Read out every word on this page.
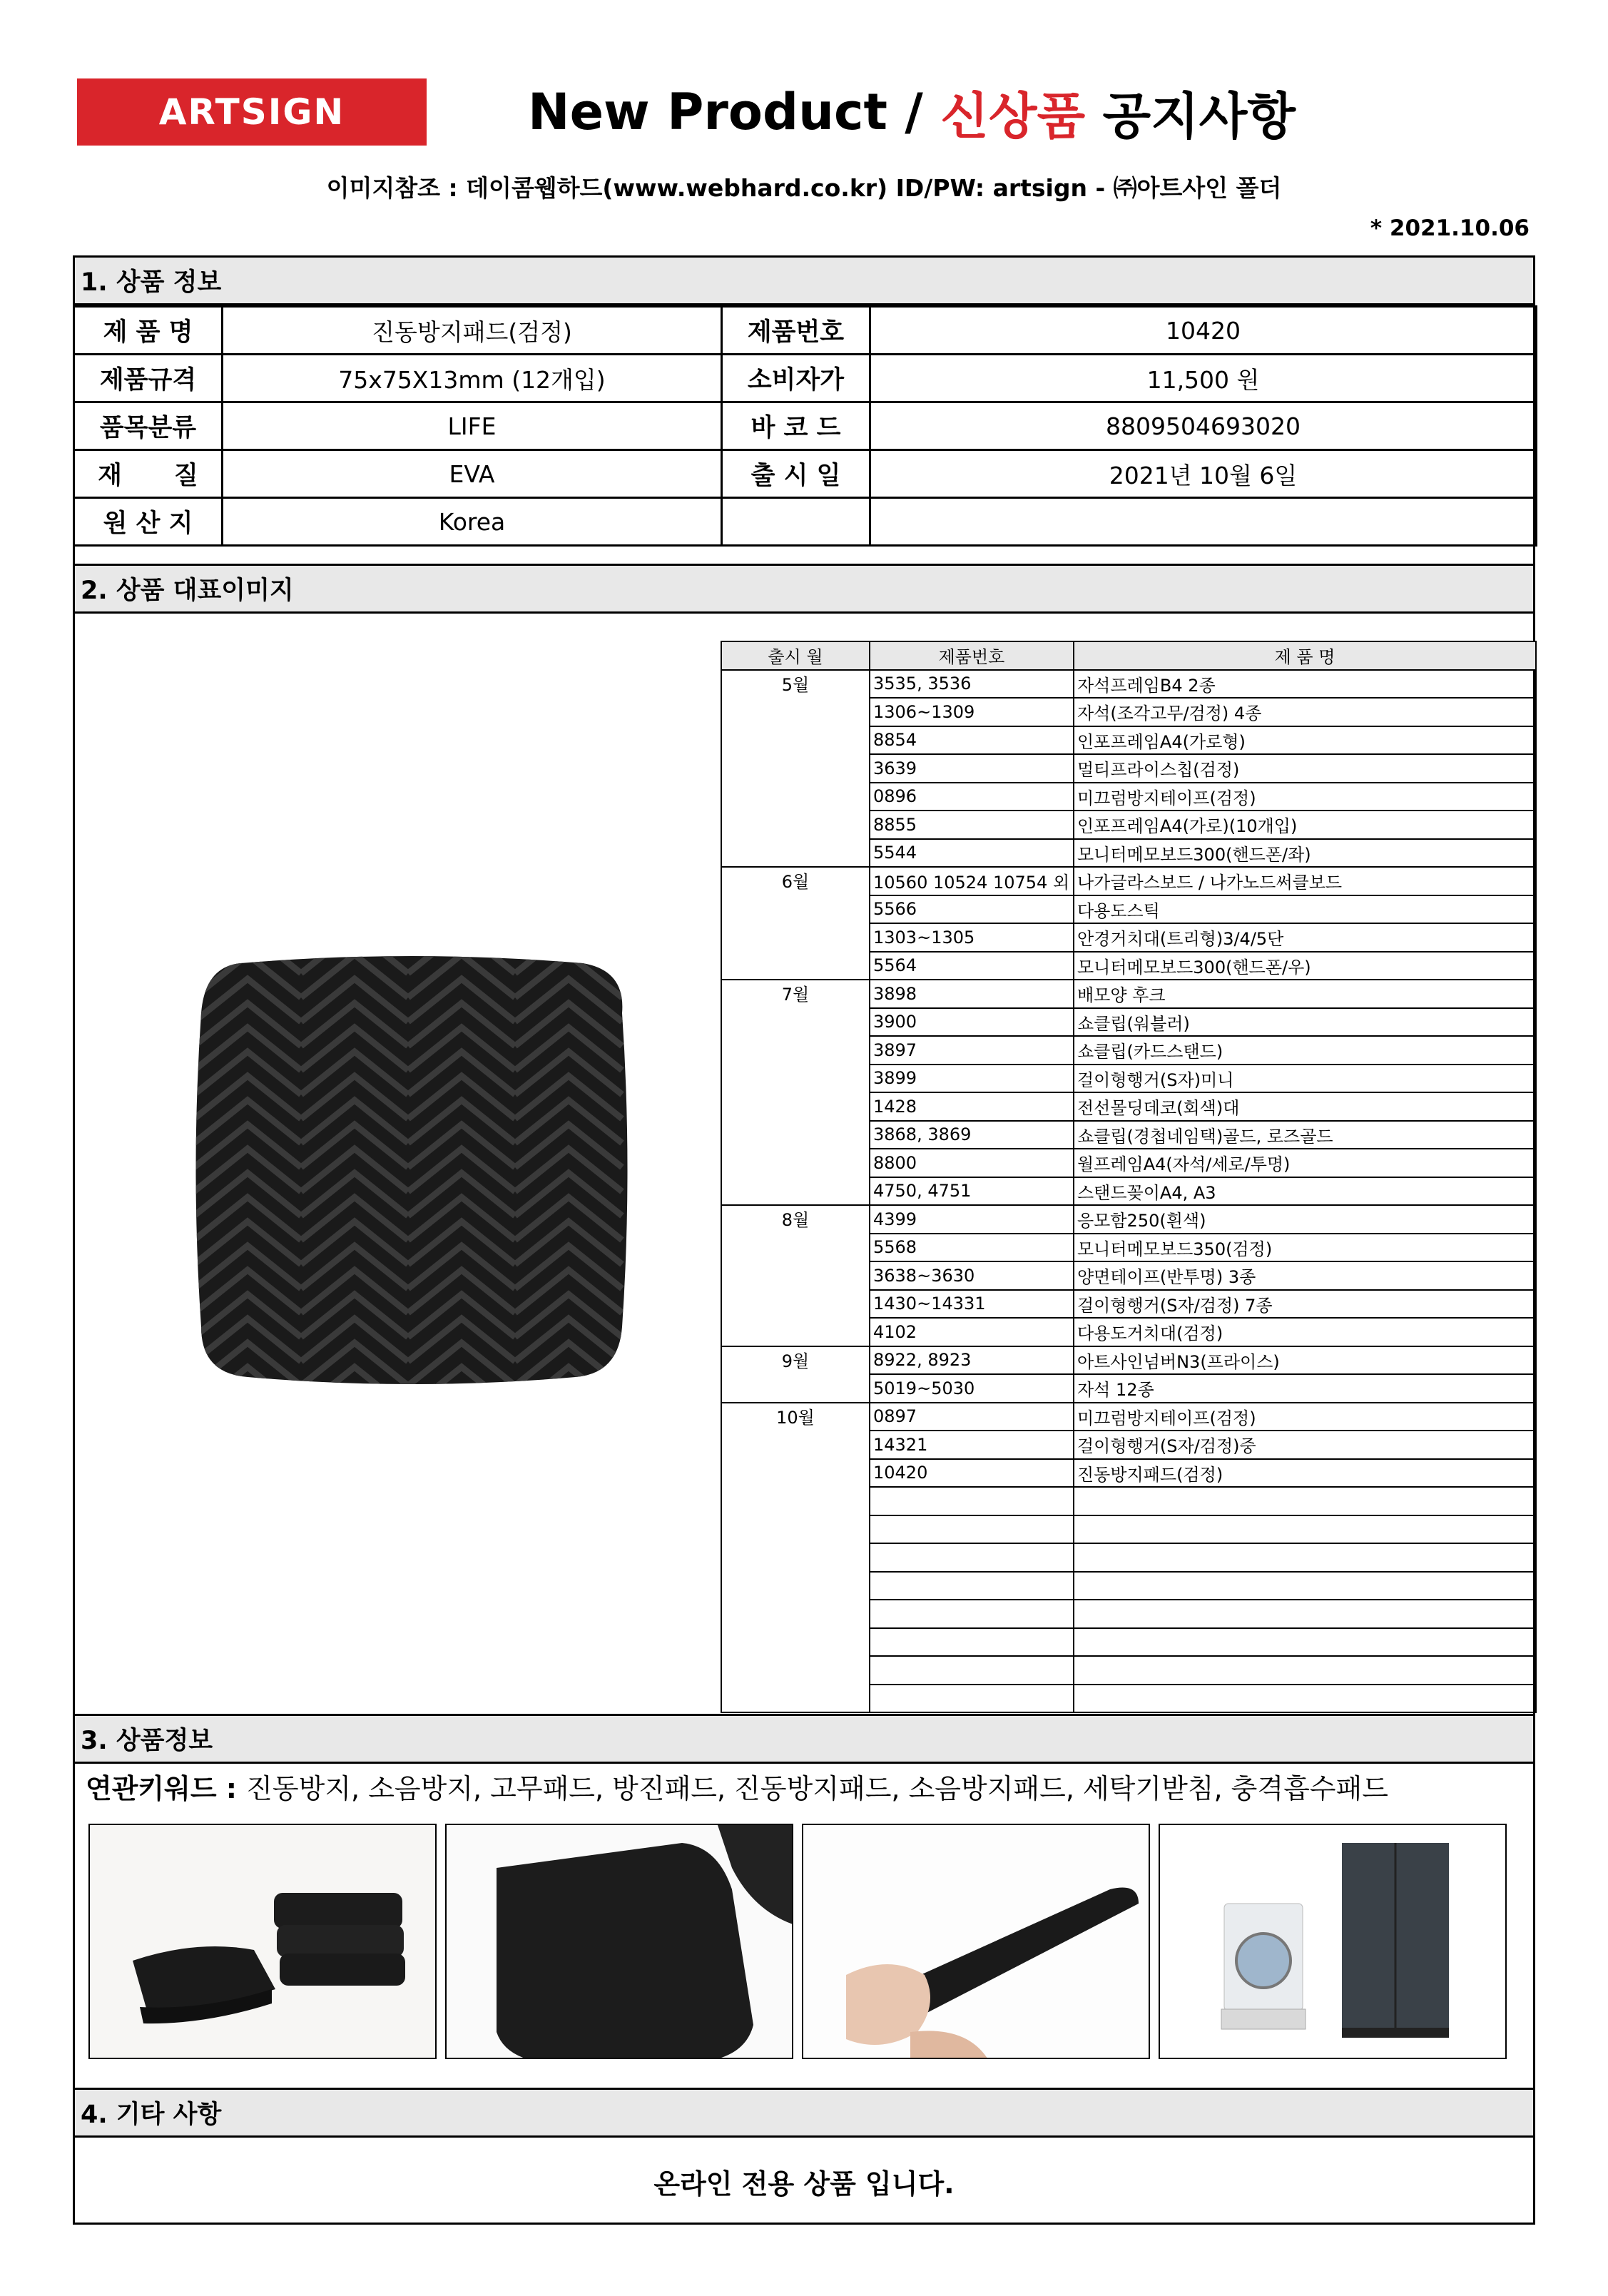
ARTSIGN	New Product / 신상품 공지사항
이미지참조 : 데이콤웹하드(www.webhard.co.kr) ID/PW: artsign - ㈜아트사인 폴더
* 2021.10.06
1. 상품 정보
제 품 명	진동방지패드(검정)	제품번호	10420
제품규격	75x75X13mm (12개입)	소비자가	11,500 원
품목분류	LIFE	바 코 드	8809504693020
재      질	EVA	출 시 일	2021년 10월 6일
원 산 지	Korea		
2. 상품 대표이미지
출시 월	제품번호	제 품 명
5월	3535, 3536	자석프레임B4 2종
	1306~1309	자석(조각고무/검정) 4종
	8854	인포프레임A4(가로형)
	3639	멀티프라이스칩(검정)
	0896	미끄럼방지테이프(검정)
	8855	인포프레임A4(가로)(10개입)
	5544	모니터메모보드300(핸드폰/좌)
6월	10560 10524 10754 외	나가글라스보드 / 나가노드써클보드
	5566	다용도스틱
	1303~1305	안경거치대(트리형)3/4/5단
	5564	모니터메모보드300(핸드폰/우)
7월	3898	배모양 후크
	3900	쇼클립(워블러)
	3897	쇼클립(카드스탠드)
	3899	걸이형행거(S자)미니
	1428	전선몰딩데코(회색)대
	3868, 3869	쇼클립(경첩네임택)골드, 로즈골드
	8800	월프레임A4(자석/세로/투명)
	4750, 4751	스탠드꽂이A4, A3
8월	4399	응모함250(흰색)
	5568	모니터메모보드350(검정)
	3638~3630	양면테이프(반투명) 3종
	1430~14331	걸이형행거(S자/검정) 7종
	4102	다용도거치대(검정)
9월	8922, 8923	아트사인넘버N3(프라이스)
	5019~5030	자석 12종
10월	0897	미끄럼방지테이프(검정)
	14321	걸이형행거(S자/검정)중
	10420	진동방지패드(검정)

3. 상품정보
연관키워드 : 진동방지, 소음방지, 고무패드, 방진패드, 진동방지패드, 소음방지패드, 세탁기받침, 충격흡수패드
4. 기타 사항
온라인 전용 상품 입니다.
